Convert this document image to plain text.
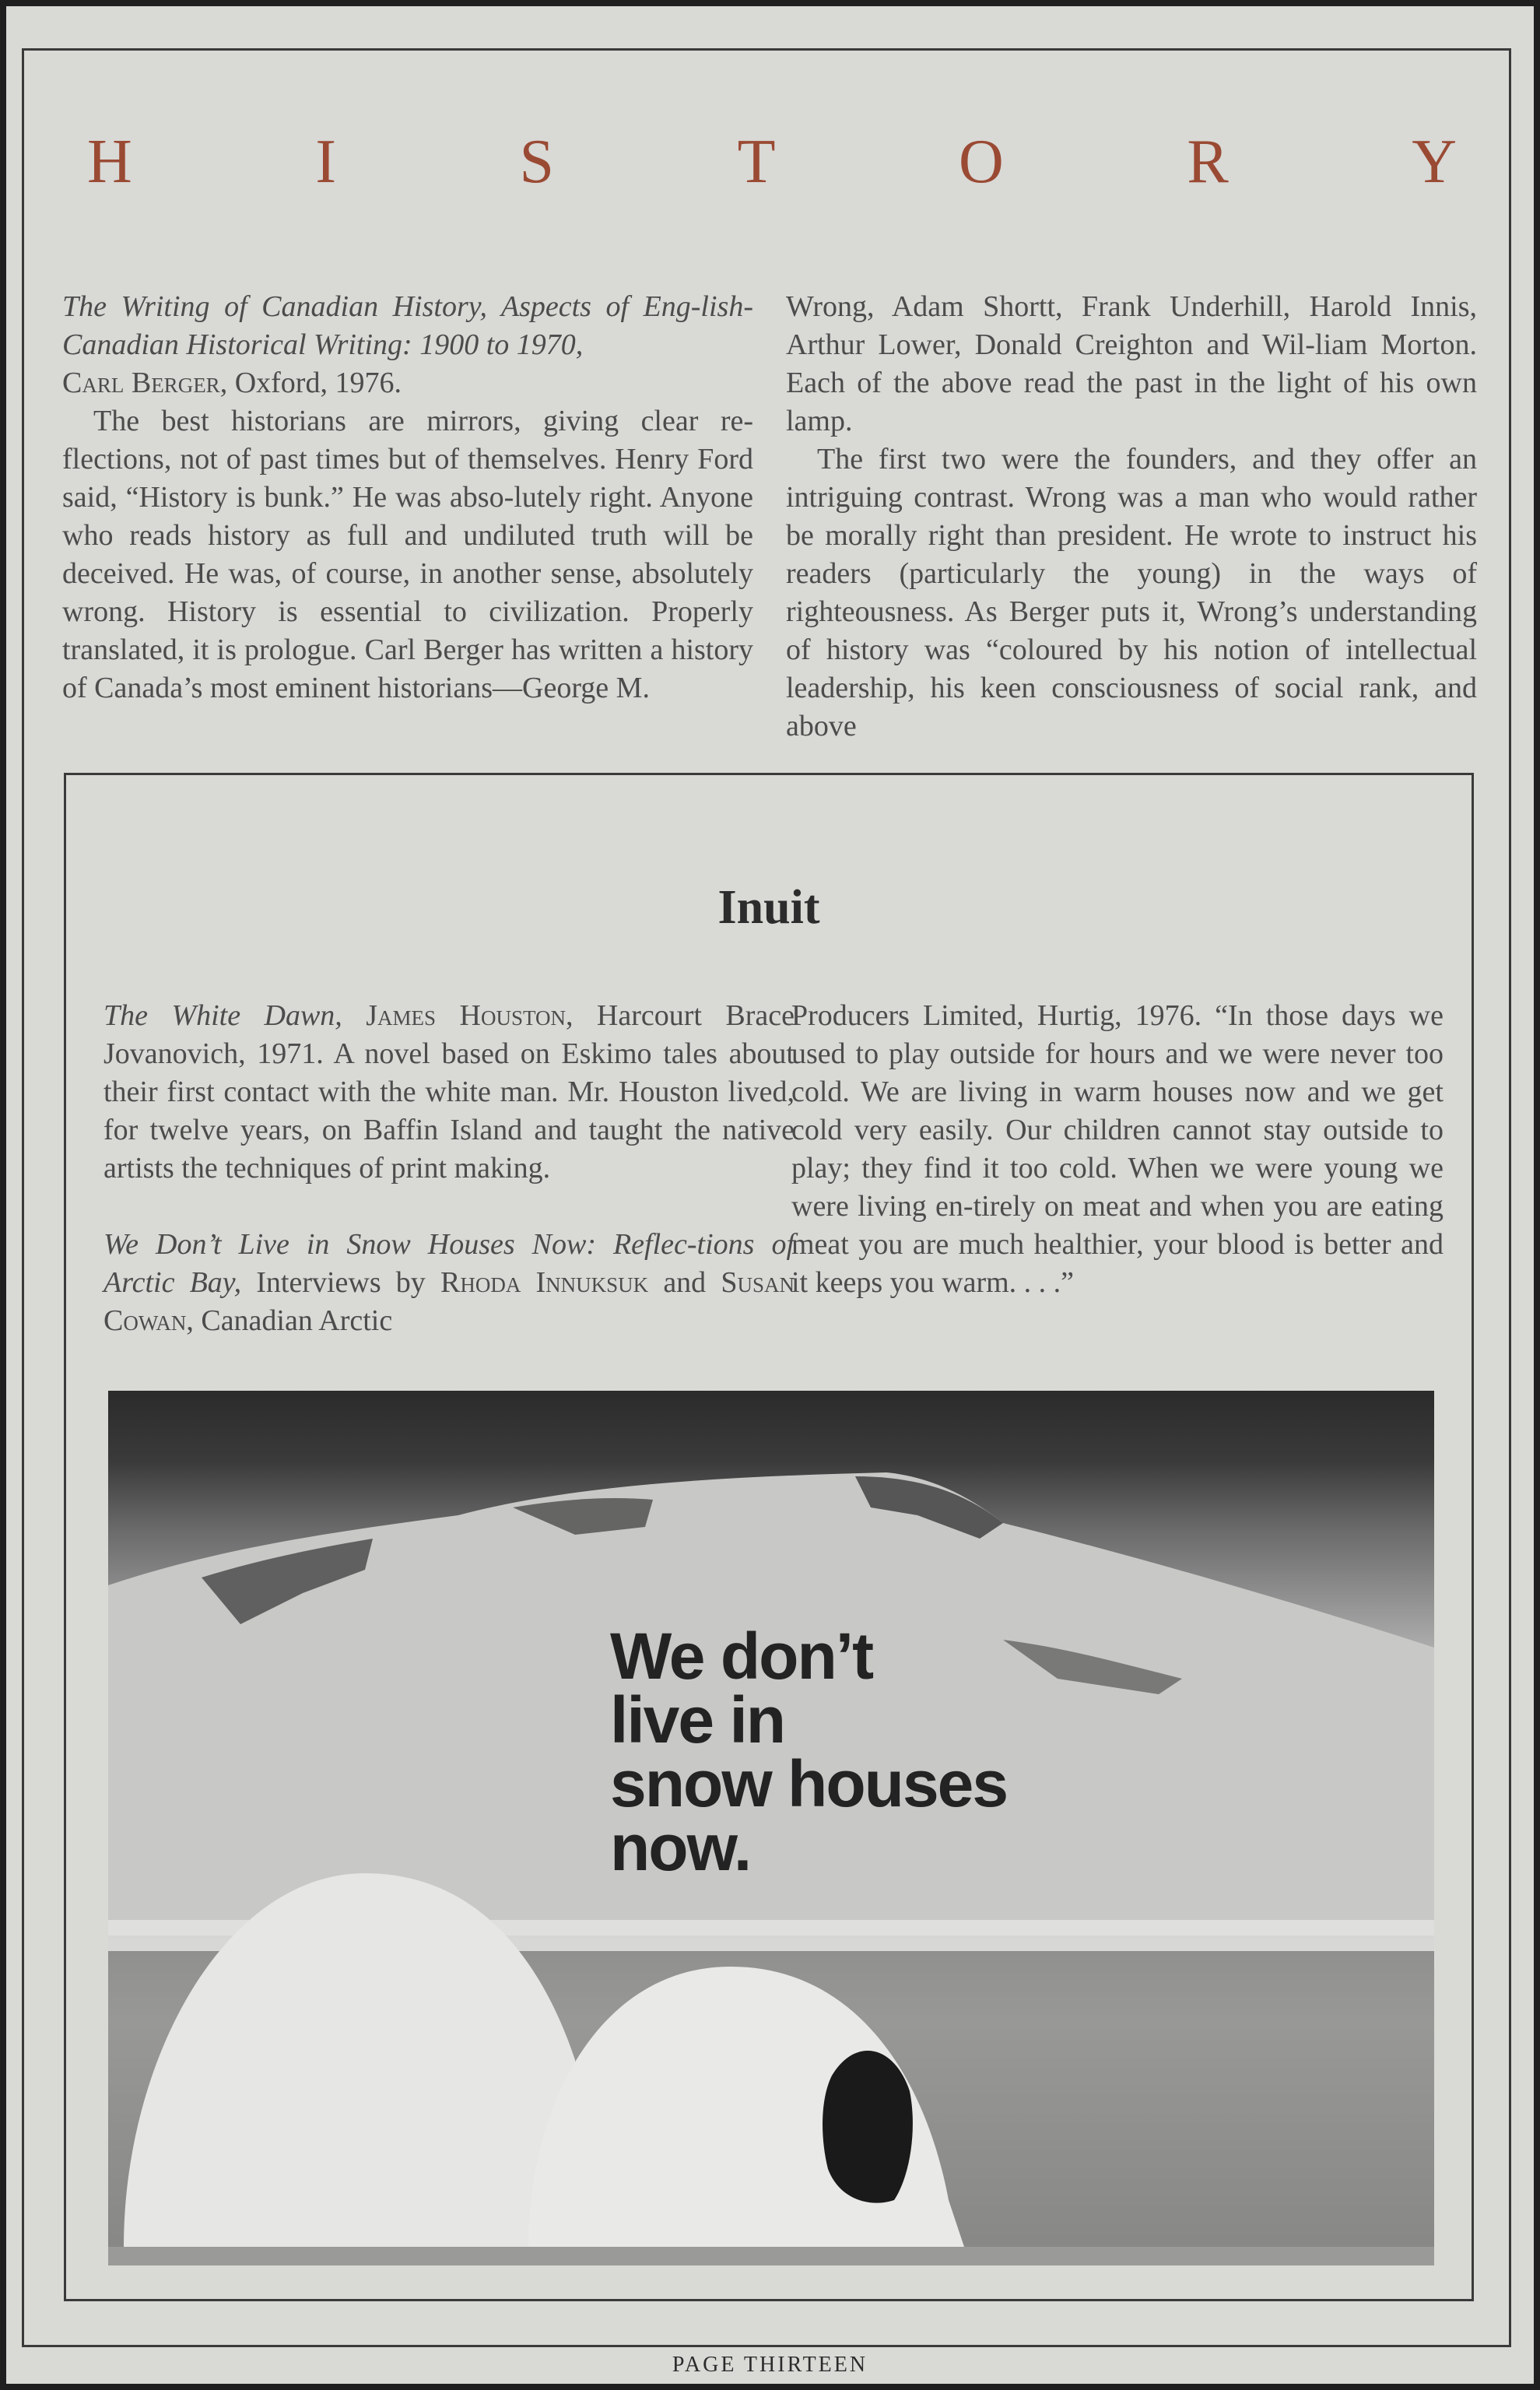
H	I	S	T	O	R	Y

The Writing of Canadian History, Aspects of Eng-lish-Canadian Historical Writing: 1900 to 1970,
Carl Berger, Oxford, 1976.

The best historians are mirrors, giving clear re-flections, not of past times but of themselves. Henry Ford said, “History is bunk.” He was abso-lutely right. Anyone who reads history as full and undiluted truth will be deceived. He was, of course, in another sense, absolutely wrong. History is essential to civilization. Properly translated, it is prologue. Carl Berger has written a history of Canada’s most eminent historians—George M.

Wrong, Adam Shortt, Frank Underhill, Harold Innis, Arthur Lower, Donald Creighton and Wil-liam Morton. Each of the above read the past in the light of his own lamp.

The first two were the founders, and they offer an intriguing contrast. Wrong was a man who would rather be morally right than president. He wrote to instruct his readers (particularly the young) in the ways of righteousness. As Berger puts it, Wrong’s understanding of history was “coloured by his notion of intellectual leadership, his keen consciousness of social rank, and above

Inuit

The White Dawn, James Houston, Harcourt Brace Jovanovich, 1971. A novel based on Eskimo tales about their first contact with the white man. Mr. Houston lived, for twelve years, on Baffin Island and taught the native artists the techniques of print making.

We Don’t Live in Snow Houses Now: Reflec-tions of Arctic Bay, Interviews by Rhoda Innuksuk and Susan Cowan, Canadian Arctic

Producers Limited, Hurtig, 1976. “In those days we used to play outside for hours and we were never too cold. We are living in warm houses now and we get cold very easily. Our children cannot stay outside to play; they find it too cold. When we were young we were living en-tirely on meat and when you are eating meat you are much healthier, your blood is better and it keeps you warm. . . .”

We don’t
live in
snow houses
now.
PAGE THIRTEEN
